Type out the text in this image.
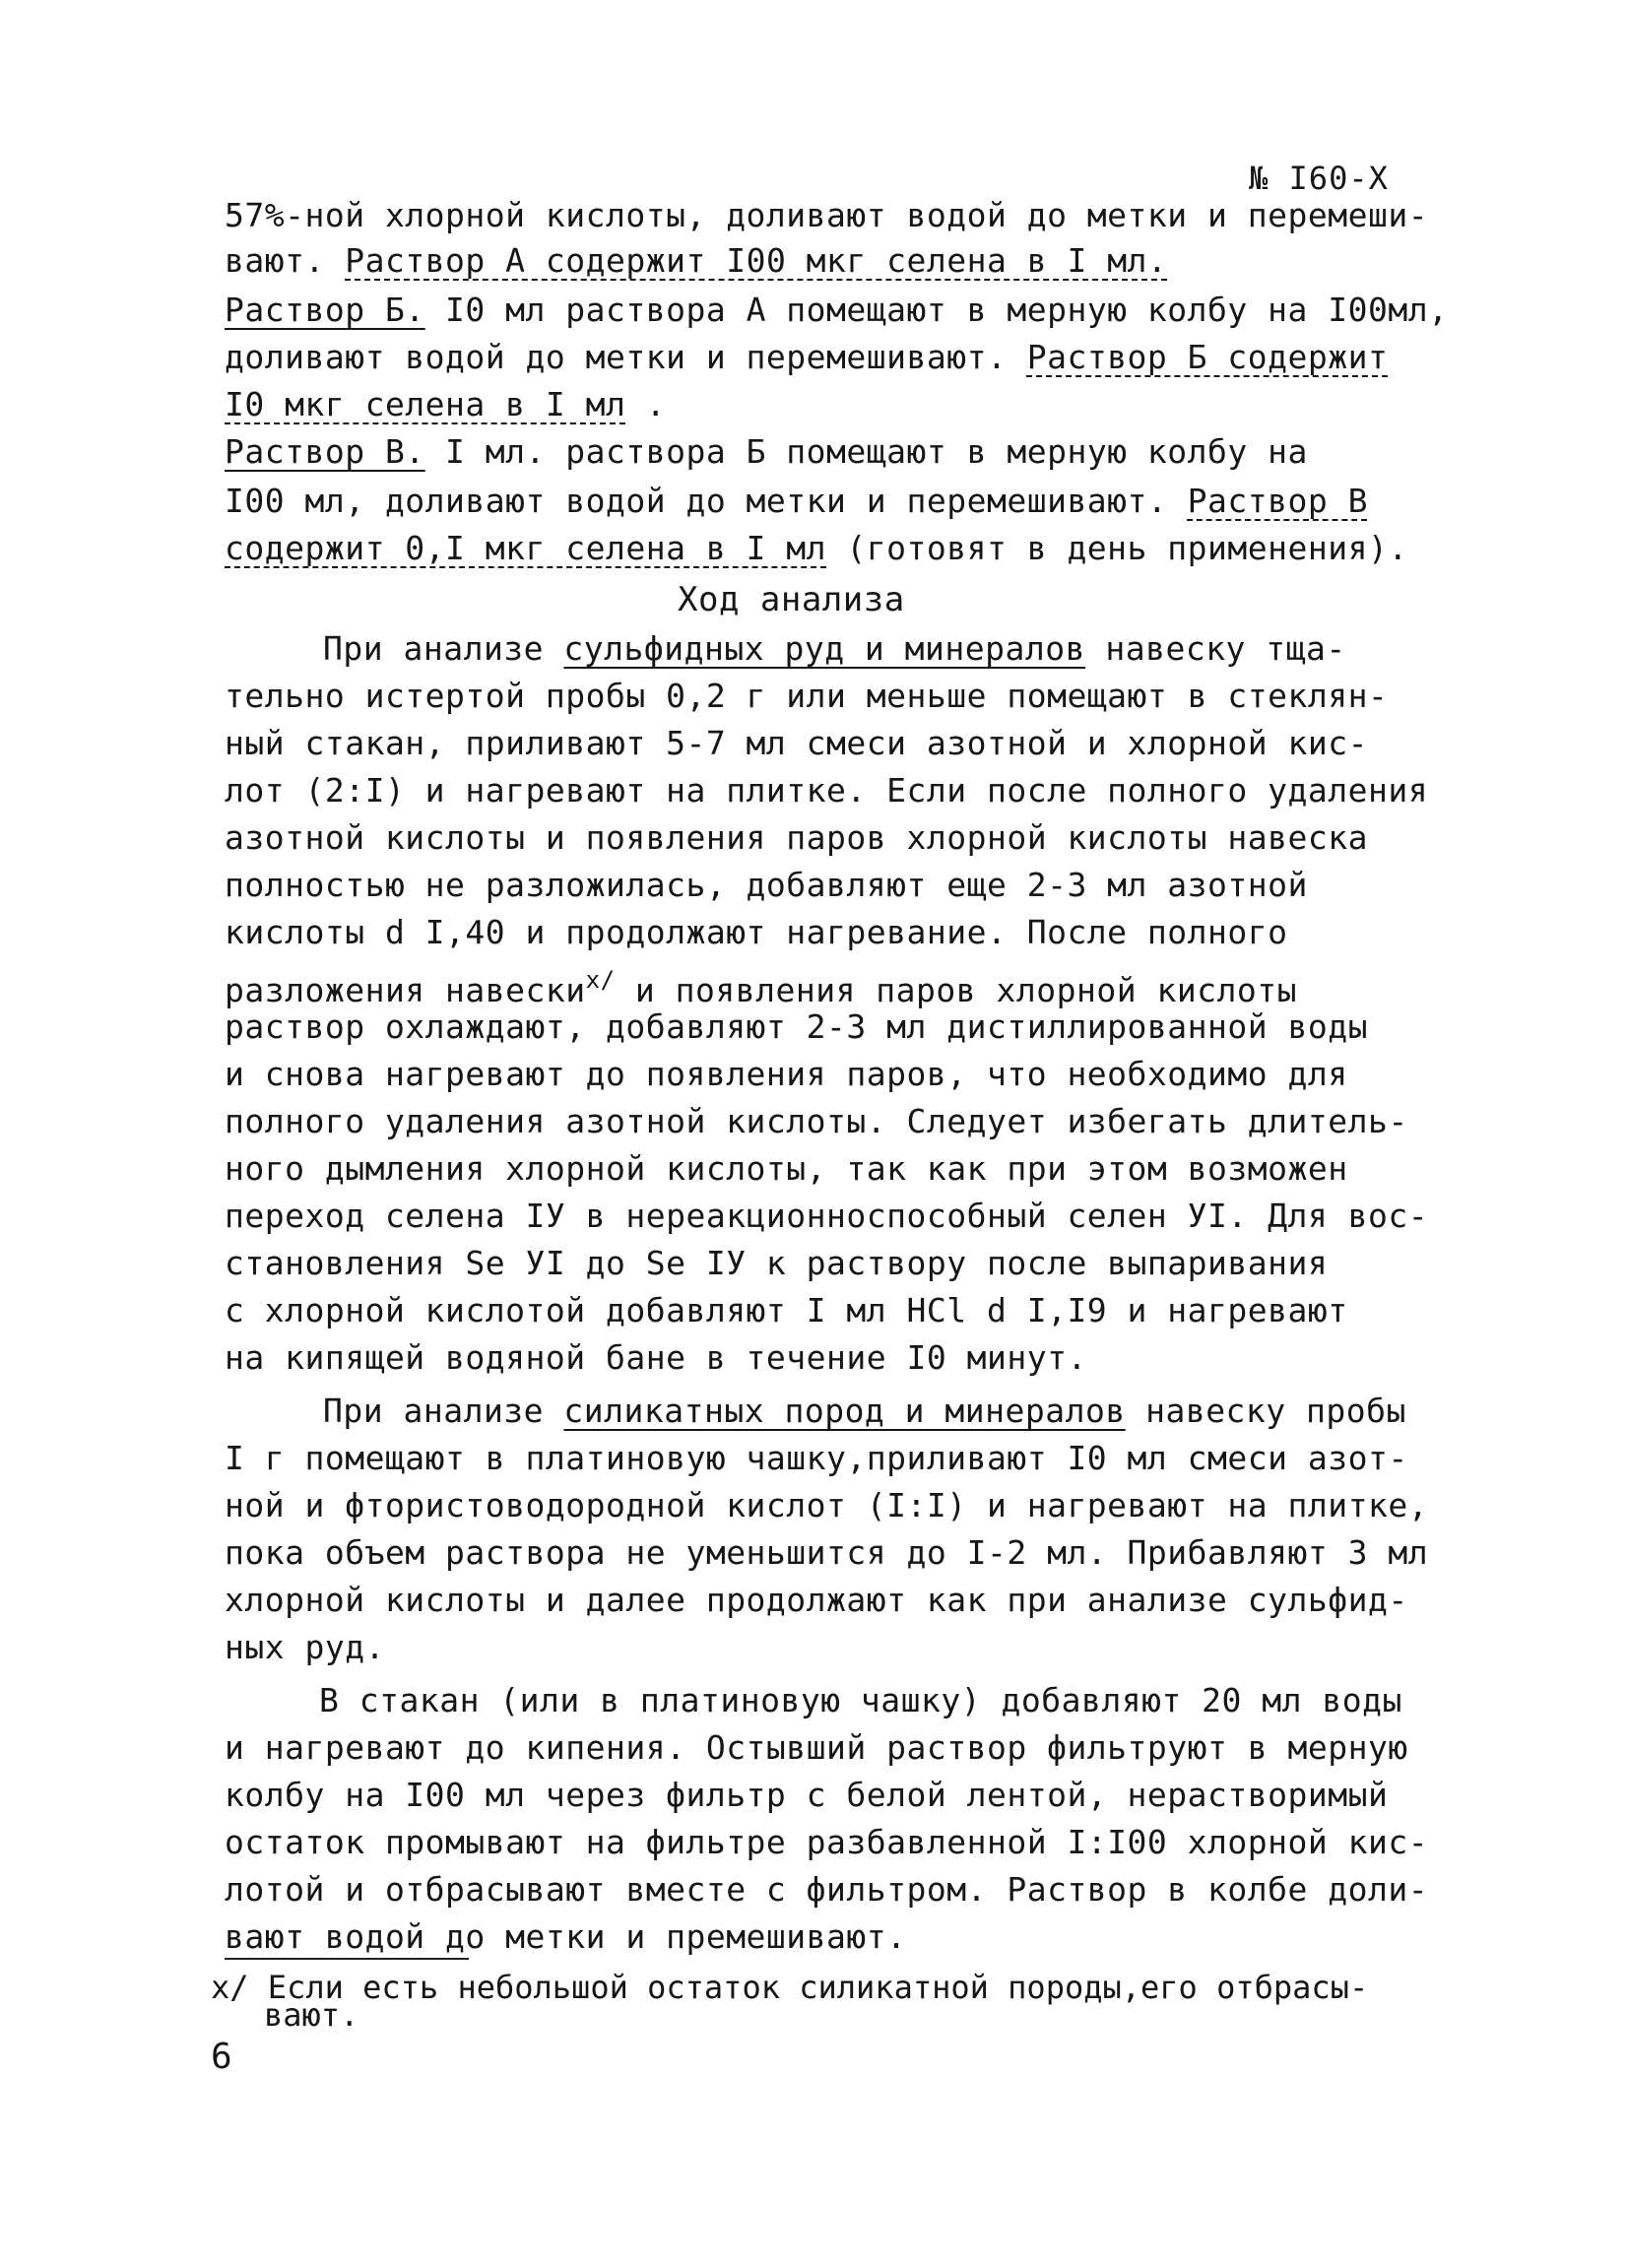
№ I60-Х
57%-ной хлорной кислоты, доливают водой до метки и перемеши-
вают. Раствор А содержит I00 мкг селена в I мл.
Раствор Б. I0 мл раствора А помещают в мерную колбу на I00мл,
доливают водой до метки и перемешивают. Раствор Б содержит
I0 мкг селена в I мл .
Раствор В. I мл. раствора Б помещают в мерную колбу на
I00 мл, доливают водой до метки и перемешивают. Раствор В
содержит 0,I мкг селена в I мл (готовят в день применения).
Ход анализа
При анализе сульфидных руд и минералов навеску тща-
тельно истертой пробы 0,2 г или меньше помещают в стеклян-
ный стакан, приливают 5-7 мл смеси азотной и хлорной кис-
лот (2:I) и нагревают на плитке. Если после полного удаления
азотной кислоты и появления паров хлорной кислоты навеска
полностью не разложилась, добавляют еще 2-3 мл азотной
кислоты d I,40 и продолжают нагревание. После полного
разложения навески$^{x/}$ и появления паров хлорной кислоты
раствор охлаждают, добавляют 2-3 мл дистиллированной воды
и снова нагревают до появления паров, что необходимо для
полного удаления азотной кислоты. Следует избегать длитель-
ного дымления хлорной кислоты, так как при этом возможен
переход селена IУ в нереакционноспособный селен УI. Для вос-
становления Se УI до Se IУ к раствору после выпаривания
с хлорной кислотой добавляют I мл HCl d I,I9 и нагревают
на кипящей водяной бане в течение I0 минут.
При анализе силикатных пород и минералов навеску пробы
I г помещают в платиновую чашку,приливают I0 мл смеси азот-
ной и фтористоводородной кислот (I:I) и нагревают на плитке,
пока объем раствора не уменьшится до I-2 мл. Прибавляют 3 мл
хлорной кислоты и далее продолжают как при анализе сульфид-
ных руд.
В стакан (или в платиновую чашку) добавляют 20 мл воды
и нагревают до кипения. Остывший раствор фильтруют в мерную
колбу на I00 мл через фильтр с белой лентой, нерастворимый
остаток промывают на фильтре разбавленной I:I00 хлорной кис-
лотой и отбрасывают вместе с фильтром. Раствор в колбе доли-
вают водой до метки и премешивают.
x/ Если есть небольшой остаток силикатной породы,его отбрасы-
вают.
6
